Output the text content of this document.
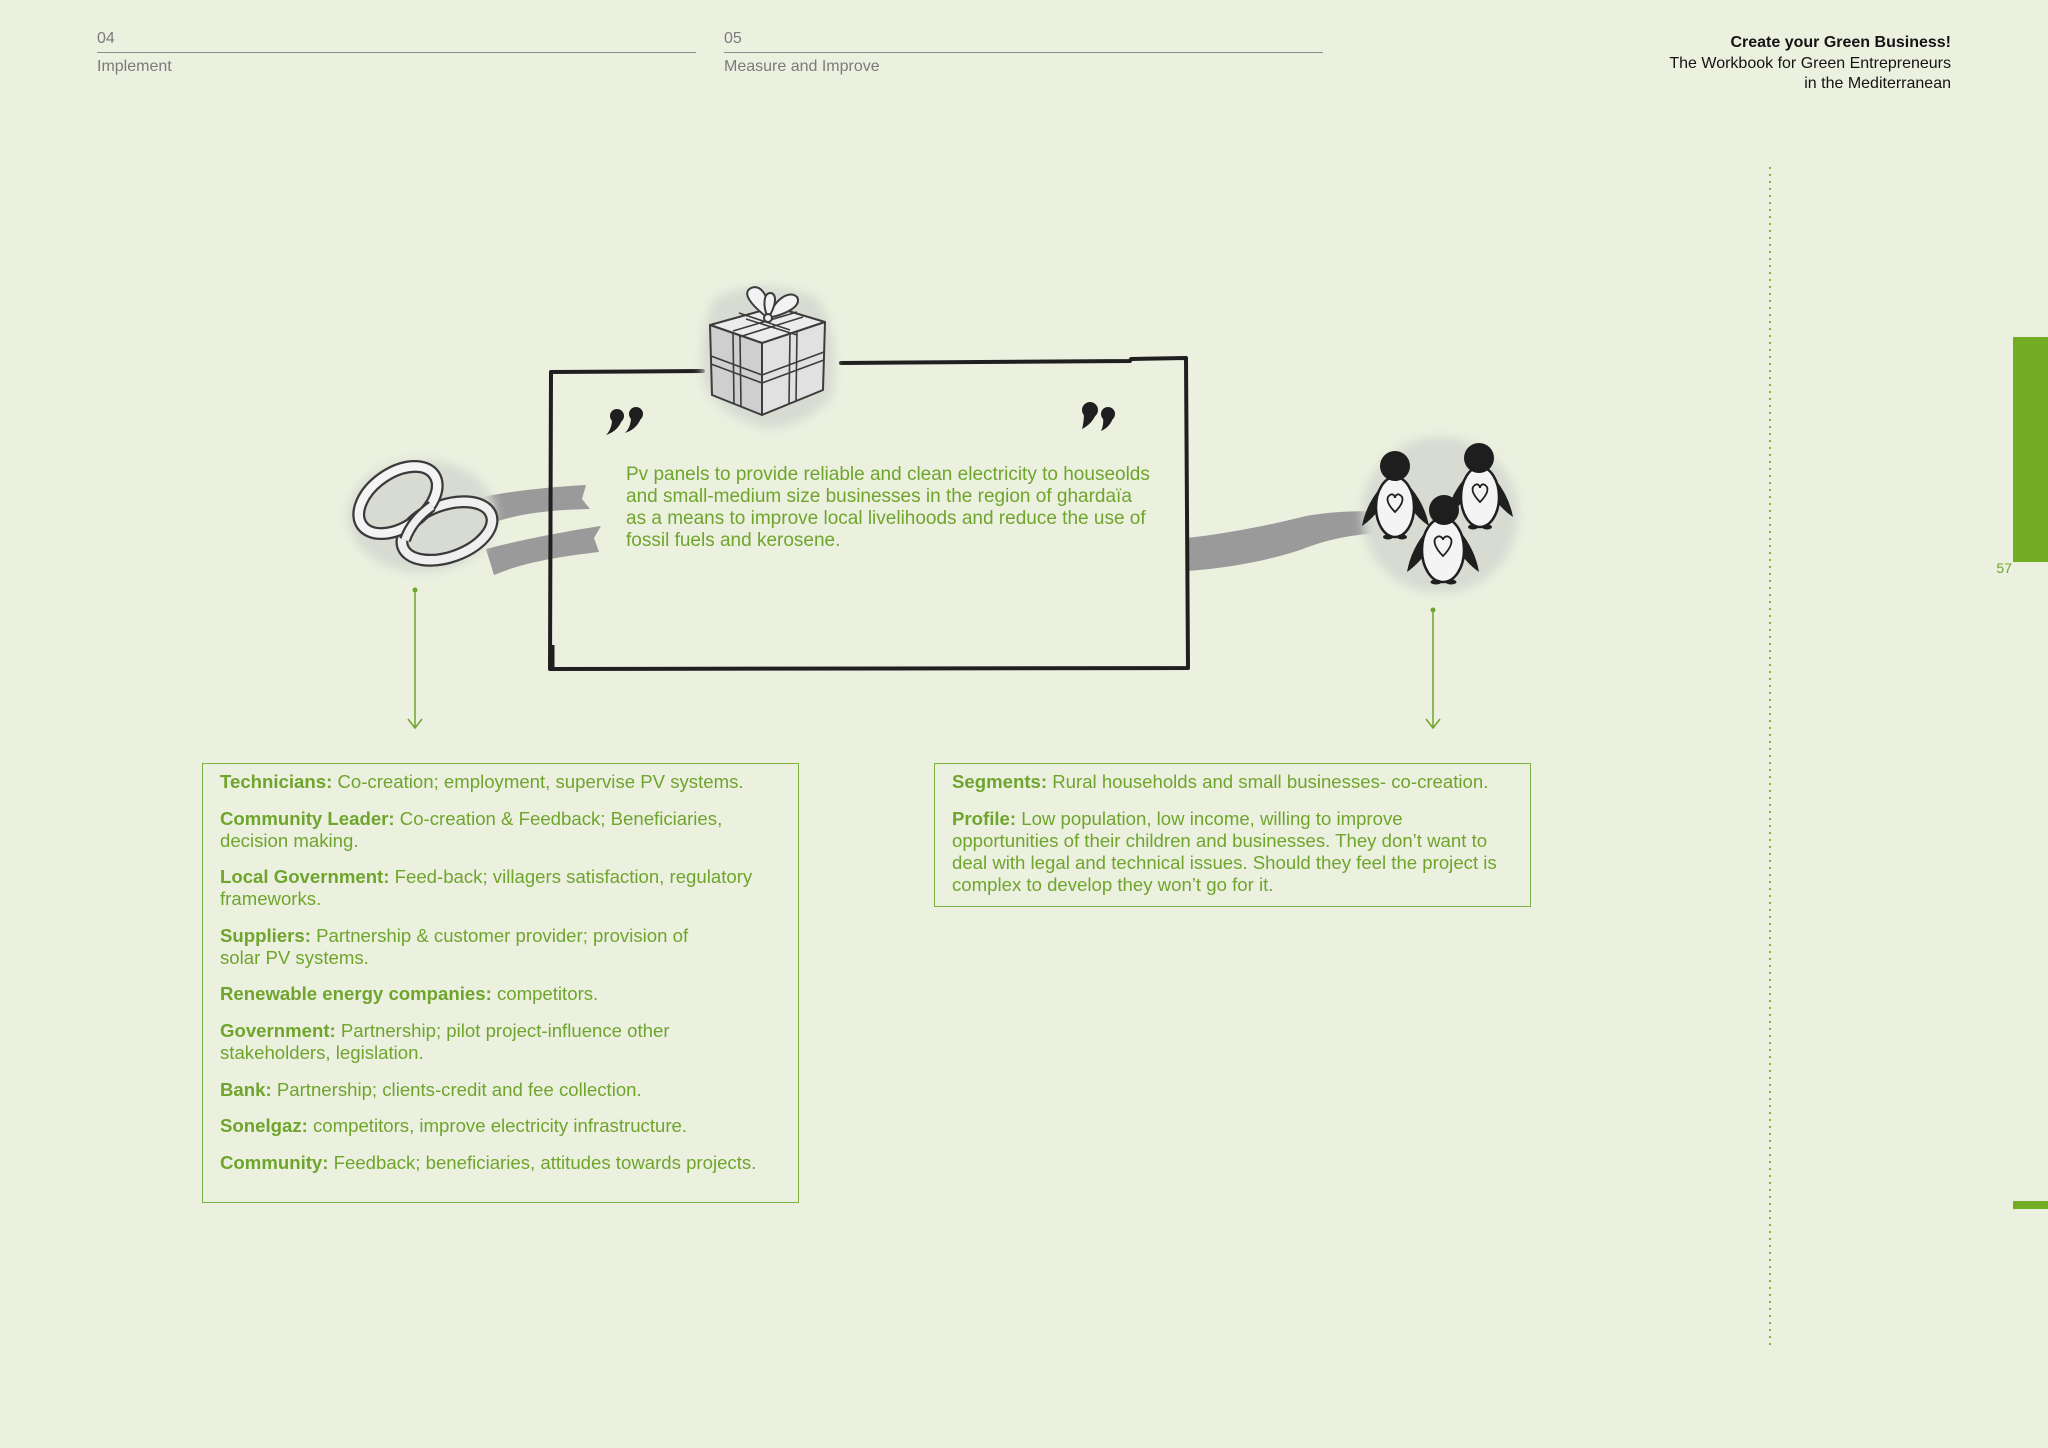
04
Implement
05
Measure and Improve
Create your Green Business!
The Workbook for Green Entrepreneurs
in the Mediterranean
57
Pv panels to provide reliable and clean electricity to houseolds
and small-medium size businesses in the region of ghardaïa
as a means to improve local livelihoods and reduce the use of
fossil fuels and kerosene.

Technicians: Co-creation; employment, supervise PV systems.

Community Leader: Co-creation & Feedback; Beneficiaries,
decision making.

Local Government: Feed-back; villagers satisfaction, regulatory
frameworks.

Suppliers: Partnership & customer provider; provision of
solar PV systems.

Renewable energy companies: competitors.

Government: Partnership; pilot project-influence other
stakeholders, legislation.

Bank: Partnership; clients-credit and fee collection.

Sonelgaz: competitors, improve electricity infrastructure.

Community: Feedback; beneficiaries, attitudes towards projects.

Segments: Rural households and small businesses- co-creation.

Profile: Low population, low income, willing to improve
opportunities of their children and businesses. They don’t want to
deal with legal and technical issues. Should they feel the project is
complex to develop they won’t go for it.
